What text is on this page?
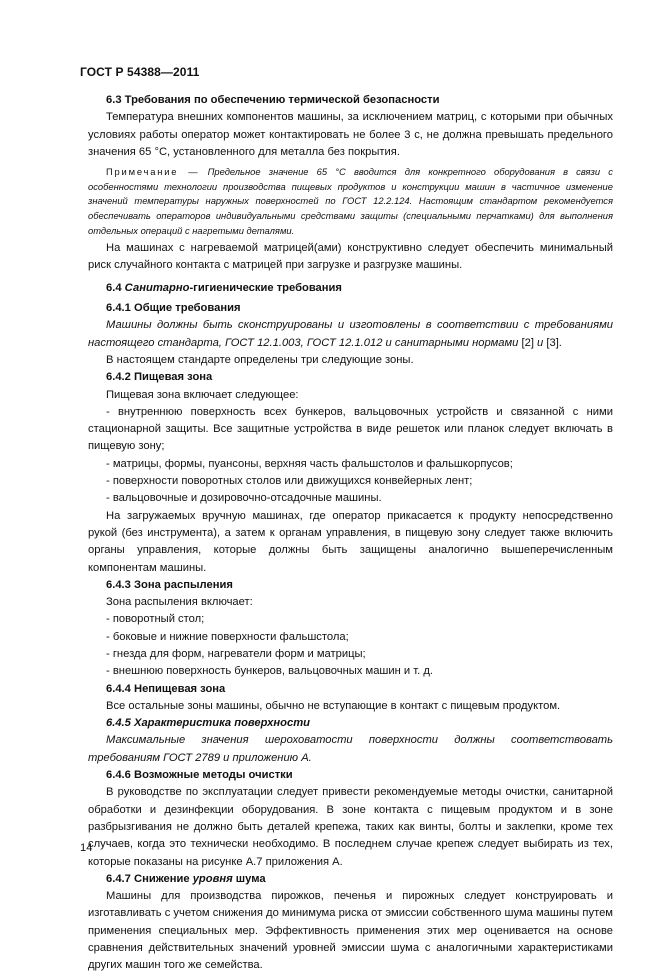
ГОСТ Р 54388—2011

6.3 Требования по обеспечению термической безопасности

Температура внешних компонентов машины, за исключением матриц, с которыми при обычных условиях работы оператор может контактировать не более 3 с, не должна превышать предельного значения 65 °С, установленного для металла без покрытия.

Примечание — Предельное значение 65 °С вводится для конкретного оборудования в связи с особенностями технологии производства пищевых продуктов и конструкции машин в частичное изменение значений температуры наружных поверхностей по ГОСТ 12.2.124. Настоящим стандартом рекомендуется обеспечивать операторов индивидуальными средствами защиты (специальными перчатками) для выполнения отдельных операций с нагретыми деталями.

На машинах с нагреваемой матрицей(ами) конструктивно следует обеспечить минимальный риск случайного контакта с матрицей при загрузке и разгрузке машины.

6.4 Санитарно-гигиенические требования

6.4.1 Общие требования

Машины должны быть сконструированы и изготовлены в соответствии с требованиями настоящего стандарта, ГОСТ 12.1.003, ГОСТ 12.1.012 и санитарными нормами [2] и [3].

В настоящем стандарте определены три следующие зоны.

6.4.2 Пищевая зона

Пищевая зона включает следующее:

- внутреннюю поверхность всех бункеров, вальцовочных устройств и связанной с ними стационарной защиты. Все защитные устройства в виде решеток или планок следует включать в пищевую зону;

- матрицы, формы, пуансоны, верхняя часть фальшстолов и фальшкорпусов;

- поверхности поворотных столов или движущихся конвейерных лент;

- вальцовочные и дозировочно-отсадочные машины.

На загружаемых вручную машинах, где оператор прикасается к продукту непосредственно рукой (без инструмента), а затем к органам управления, в пищевую зону следует также включить органы управления, которые должны быть защищены аналогично вышеперечисленным компонентам машины.

6.4.3 Зона распыления

Зона распыления включает:

- поворотный стол;

- боковые и нижние поверхности фальшстола;

- гнезда для форм, нагреватели форм и матрицы;

- внешнюю поверхность бункеров, вальцовочных машин и т. д.

6.4.4 Непищевая зона

Все остальные зоны машины, обычно не вступающие в контакт с пищевым продуктом.

6.4.5 Характеристика поверхности

Максимальные значения шероховатости поверхности должны соответствовать требованиям ГОСТ 2789 и приложению А.

6.4.6 Возможные методы очистки

В руководстве по эксплуатации следует привести рекомендуемые методы очистки, санитарной обработки и дезинфекции оборудования. В зоне контакта с пищевым продуктом и в зоне разбрызгивания не должно быть деталей крепежа, таких как винты, болты и заклепки, кроме тех случаев, когда это технически необходимо. В последнем случае крепеж следует выбирать из тех, которые показаны на рисунке А.7 приложения А.

6.4.7 Снижение уровня шума

Машины для производства пирожков, печенья и пирожных следует конструировать и изготавливать с учетом снижения до минимума риска от эмиссии собственного шума машины путем применения специальных мер. Эффективность применения этих мер оценивается на основе сравнения действительных значений уровней эмиссии шума с аналогичными характеристиками других машин того же семейства.

14
